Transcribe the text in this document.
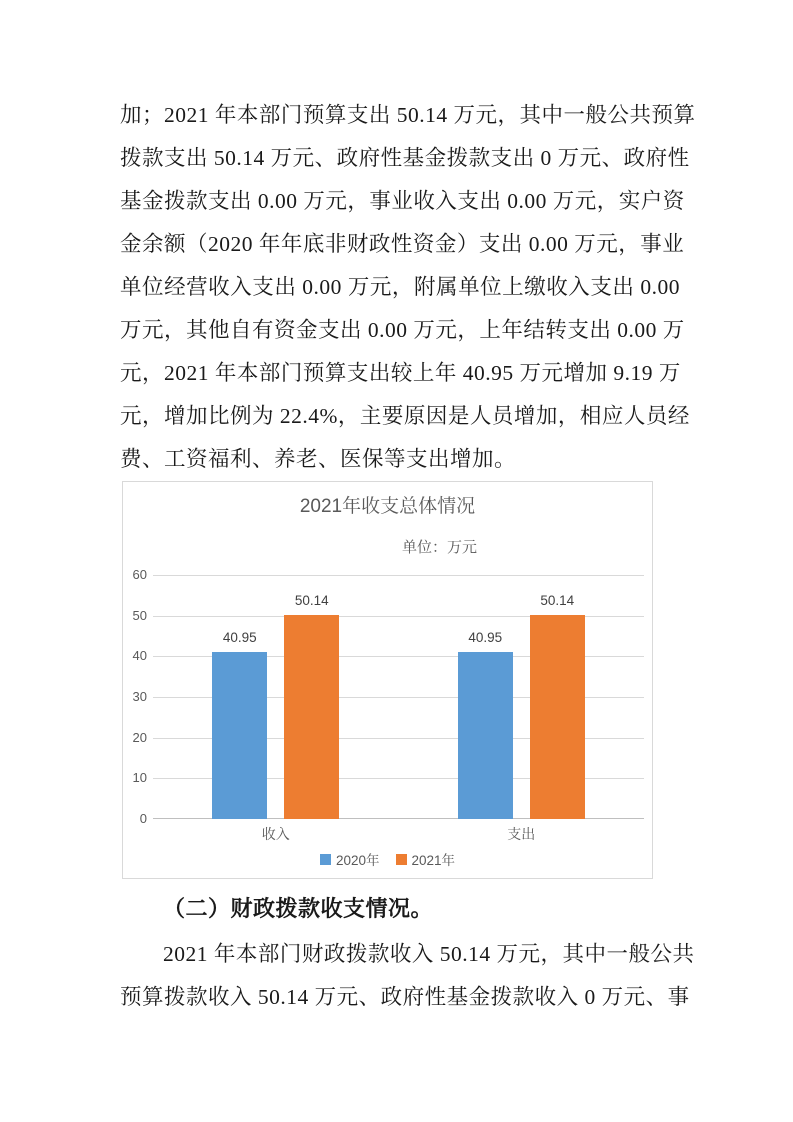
加；2021 年本部门预算支出 50.14 万元，其中一般公共预算
拨款支出 50.14 万元、政府性基金拨款支出 0 万元、政府性
基金拨款支出 0.00 万元，事业收入支出 0.00 万元，实户资
金余额（2020 年年底非财政性资金）支出 0.00 万元，事业
单位经营收入支出 0.00 万元，附属单位上缴收入支出 0.00
万元，其他自有资金支出 0.00 万元，上年结转支出 0.00 万
元，2021 年本部门预算支出较上年 40.95 万元增加 9.19 万
元，增加比例为 22.4%，主要原因是人员增加，相应人员经
费、工资福利、养老、医保等支出增加。
2021年收支总体情况
单位：万元
60
50
40
30
20
10
0
40.95
50.14
40.95
50.14
收入	支出
2020年 2021年
（二）财政拨款收支情况。
2021 年本部门财政拨款收入 50.14 万元，其中一般公共
预算拨款收入 50.14 万元、政府性基金拨款收入 0 万元、事
